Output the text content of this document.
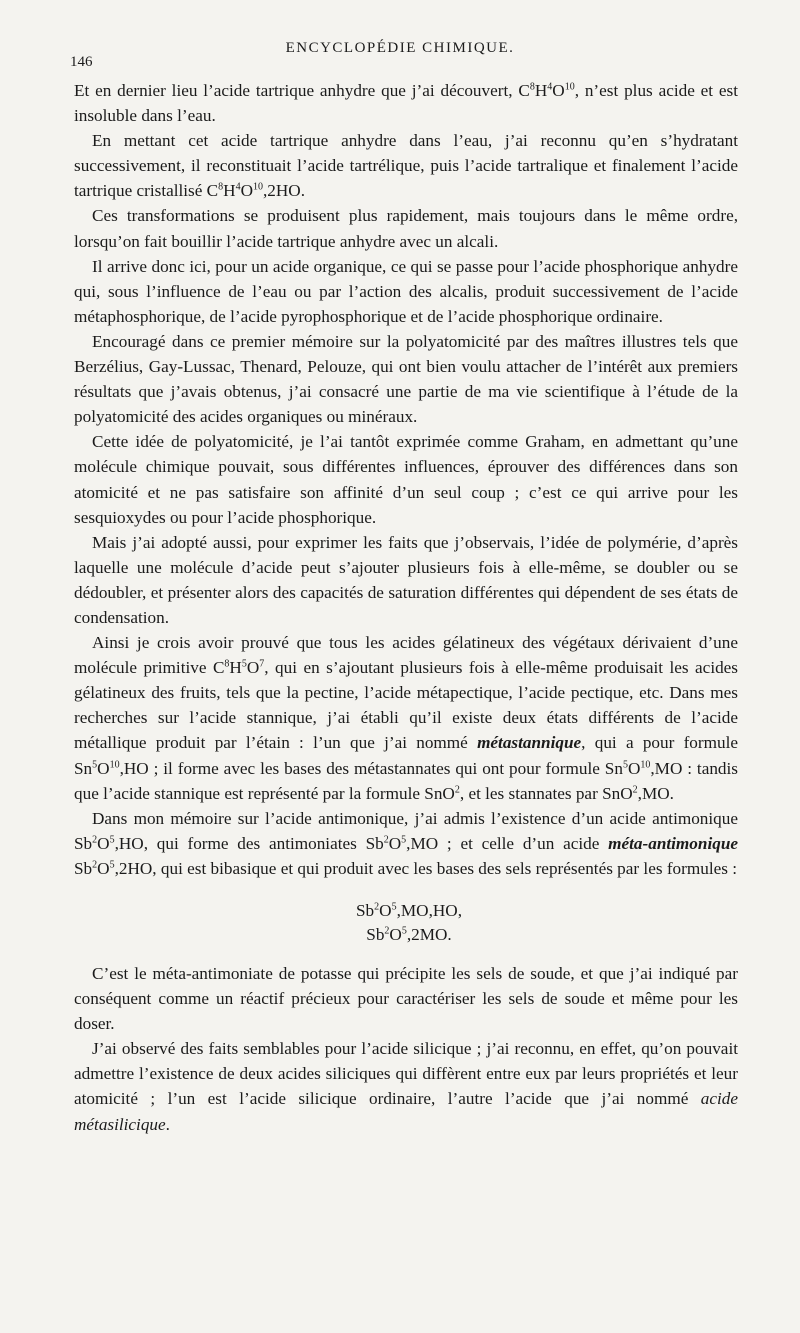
146
ENCYCLOPÉDIE CHIMIQUE.

Et en dernier lieu l’acide tartrique anhydre que j’ai découvert, $C^8H^4O^{10}$, n’est plus acide et est insoluble dans l’eau.

En mettant cet acide tartrique anhydre dans l’eau, j’ai reconnu qu’en s’hydratant successivement, il reconstituait l’acide tartrélique, puis l’acide tartralique et finalement l’acide tartrique cristallisé $C^8H^4O^{10},2HO$.

Ces transformations se produisent plus rapidement, mais toujours dans le même ordre, lorsqu’on fait bouillir l’acide tartrique anhydre avec un alcali.

Il arrive donc ici, pour un acide organique, ce qui se passe pour l’acide phosphorique anhydre qui, sous l’influence de l’eau ou par l’action des alcalis, produit successivement de l’acide métaphosphorique, de l’acide pyrophosphorique et de l’acide phosphorique ordinaire.

Encouragé dans ce premier mémoire sur la polyatomicité par des maîtres illustres tels que Berzélius, Gay-Lussac, Thenard, Pelouze, qui ont bien voulu attacher de l’intérêt aux premiers résultats que j’avais obtenus, j’ai consacré une partie de ma vie scientifique à l’étude de la polyatomicité des acides organiques ou minéraux.

Cette idée de polyatomicité, je l’ai tantôt exprimée comme Graham, en admettant qu’une molécule chimique pouvait, sous différentes influences, éprouver des différences dans son atomicité et ne pas satisfaire son affinité d’un seul coup ; c’est ce qui arrive pour les sesquioxydes ou pour l’acide phosphorique.

Mais j’ai adopté aussi, pour exprimer les faits que j’observais, l’idée de polymérie, d’après laquelle une molécule d’acide peut s’ajouter plusieurs fois à elle-même, se doubler ou se dédoubler, et présenter alors des capacités de saturation différentes qui dépendent de ses états de condensation.

Ainsi je crois avoir prouvé que tous les acides gélatineux des végétaux dérivaient d’une molécule primitive $C^8H^5O^7$, qui en s’ajoutant plusieurs fois à elle-même produisait les acides gélatineux des fruits, tels que la pectine, l’acide métapectique, l’acide pectique, etc. Dans mes recherches sur l’acide stannique, j’ai établi qu’il existe deux états différents de l’acide métallique produit par l’étain : l’un que j’ai nommé métastannique, qui a pour formule $Sn^5O^{10},HO$ ; il forme avec les bases des métastannates qui ont pour formule $Sn^5O^{10},MO$ : tandis que l’acide stannique est représenté par la formule SnO$^2$, et les stannates par SnO$^2$,MO.

Dans mon mémoire sur l’acide antimonique, j’ai admis l’existence d’un acide antimonique $Sb^2O^5,HO$, qui forme des antimoniates $Sb^2O^5,MO$ ; et celle d’un acide méta-antimonique $Sb^2O^5,2HO$, qui est bibasique et qui produit avec les bases des sels représentés par les formules :

$Sb^2O^5,MO,HO$,
$Sb^2O^5,2MO$.

C’est le méta-antimoniate de potasse qui précipite les sels de soude, et que j’ai indiqué par conséquent comme un réactif précieux pour caractériser les sels de soude et même pour les doser.

J’ai observé des faits semblables pour l’acide silicique ; j’ai reconnu, en effet, qu’on pouvait admettre l’existence de deux acides siliciques qui diffèrent entre eux par leurs propriétés et leur atomicité ; l’un est l’acide silicique ordinaire, l’autre l’acide que j’ai nommé acide métasilicique.
